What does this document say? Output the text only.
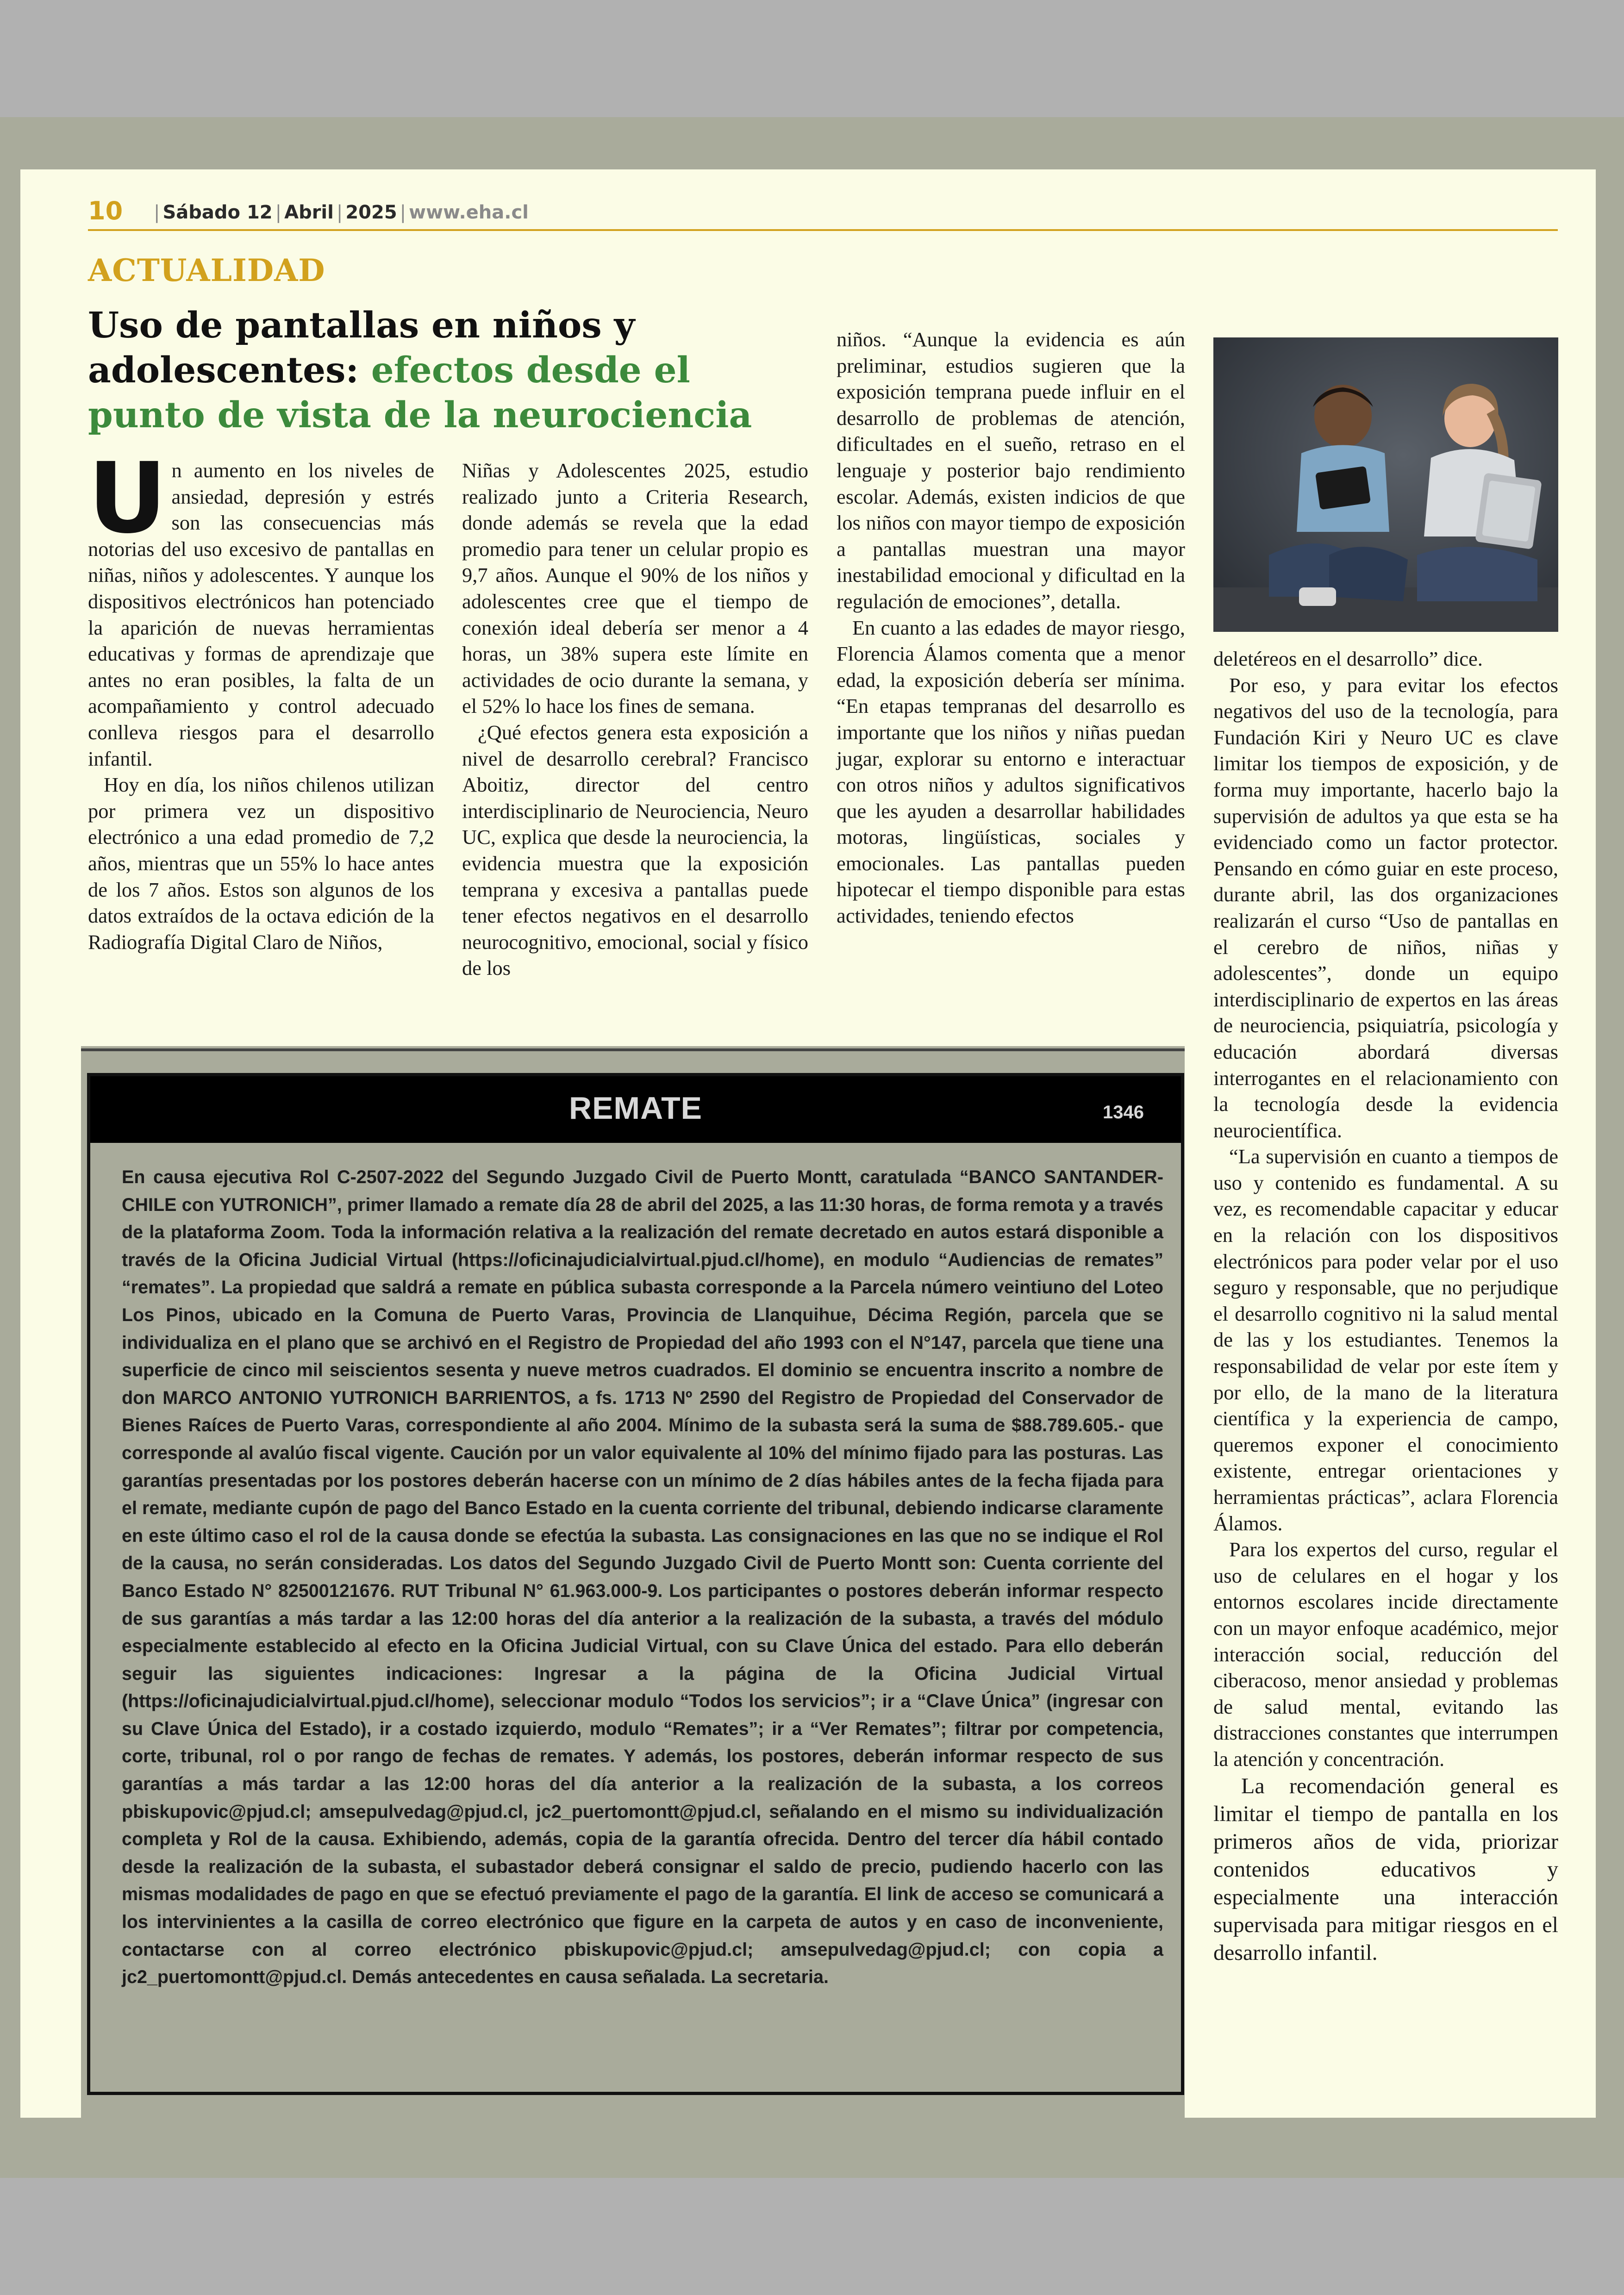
10 | Sábado 12 | Abril | 2025 | www.eha.cl
ACTUALIDAD
Uso de pantallas en niños y adolescentes: efectos desde el punto de vista de la neurociencia

Un aumento en los niveles de ansiedad, depresión y estrés son las consecuencias más notorias del uso excesivo de pantallas en niñas, niños y adolescentes. Y aunque los dispositivos electrónicos han potenciado la aparición de nuevas herramientas educativas y formas de aprendizaje que antes no eran posibles, la falta de un acompañamiento y control adecuado conlleva riesgos para el desarrollo infantil.

Hoy en día, los niños chilenos utilizan por primera vez un dispositivo electrónico a una edad promedio de 7,2 años, mientras que un 55% lo hace antes de los 7 años. Estos son algunos de los datos extraídos de la octava edición de la Radiografía Digital Claro de Niños,

Niñas y Adolescentes 2025, estudio realizado junto a Criteria Research, donde además se revela que la edad promedio para tener un celular propio es 9,7 años. Aunque el 90% de los niños y adolescentes cree que el tiempo de conexión ideal debería ser menor a 4 horas, un 38% supera este límite en actividades de ocio durante la semana, y el 52% lo hace los fines de semana.

¿Qué efectos genera esta exposición a nivel de desarrollo cerebral? Francisco Aboitiz, director del centro interdisciplinario de Neurociencia, Neuro UC, explica que desde la neurociencia, la evidencia muestra que la exposición temprana y excesiva a pantallas puede tener efectos negativos en el desarrollo neurocognitivo, emocional, social y físico de los

niños. “Aunque la evidencia es aún preliminar, estudios sugieren que la exposición temprana puede influir en el desarrollo de problemas de atención, dificultades en el sueño, retraso en el lenguaje y posterior bajo rendimiento escolar. Además, existen indicios de que los niños con mayor tiempo de exposición a pantallas muestran una mayor inestabilidad emocional y dificultad en la regulación de emociones”, detalla.

En cuanto a las edades de mayor riesgo, Florencia Álamos comenta que a menor edad, la exposición debería ser mínima. “En etapas tempranas del desarrollo es importante que los niños y niñas puedan jugar, explorar su entorno e interactuar con otros niños y adultos significativos que les ayuden a desarrollar habilidades motoras, lingüísticas, sociales y emocionales. Las pantallas pueden hipotecar el tiempo disponible para estas actividades, teniendo efectos

deletéreos en el desarrollo” dice.

Por eso, y para evitar los efectos negativos del uso de la tecnología, para Fundación Kiri y Neuro UC es clave limitar los tiempos de exposición, y de forma muy importante, hacerlo bajo la supervisión de adultos ya que esta se ha evidenciado como un factor protector. Pensando en cómo guiar en este proceso, durante abril, las dos organizaciones realizarán el curso “Uso de pantallas en el cerebro de niños, niñas y adolescentes”, donde un equipo interdisciplinario de expertos en las áreas de neurociencia, psiquiatría, psicología y educación abordará diversas interrogantes en el relacionamiento con la tecnología desde la evidencia neurocientífica.

“La supervisión en cuanto a tiempos de uso y contenido es fundamental. A su vez, es recomendable capacitar y educar en la relación con los dispositivos electrónicos para poder velar por el uso seguro y responsable, que no perjudique el desarrollo cognitivo ni la salud mental de las y los estudiantes. Tenemos la responsabilidad de velar por este ítem y por ello, de la mano de la literatura científica y la experiencia de campo, queremos exponer el conocimiento existente, entregar orientaciones y herramientas prácticas”, aclara Florencia Álamos.

Para los expertos del curso, regular el uso de celulares en el hogar y los entornos escolares incide directamente con un mayor enfoque académico, mejor interacción social, reducción del ciberacoso, menor ansiedad y problemas de salud mental, evitando las distracciones constantes que interrumpen la atención y concentración.

La recomendación general es limitar el tiempo de pantalla en los primeros años de vida, priorizar contenidos educativos y especialmente una interacción supervisada para mitigar riesgos en el desarrollo infantil.

REMATE	1346

En causa ejecutiva Rol C-2507-2022 del Segundo Juzgado Civil de Puerto Montt, caratulada “BANCO SANTANDER-CHILE con YUTRONICH”, primer llamado a remate día 28 de abril del 2025, a las 11:30 horas, de forma remota y a través de la plataforma Zoom. Toda la información relativa a la realización del remate decretado en autos estará disponible a través de la Oficina Judicial Virtual (https://oficinajudicialvirtual.pjud.cl/home), en modulo “Audiencias de remates” “remates”. La propiedad que saldrá a remate en pública subasta corresponde a la Parcela número veintiuno del Loteo Los Pinos, ubicado en la Comuna de Puerto Varas, Provincia de Llanquihue, Décima Región, parcela que se individualiza en el plano que se archivó en el Registro de Propiedad del año 1993 con el N°147, parcela que tiene una superficie de cinco mil seiscientos sesenta y nueve metros cuadrados. El dominio se encuentra inscrito a nombre de don MARCO ANTONIO YUTRONICH BARRIENTOS, a fs. 1713 Nº 2590 del Registro de Propiedad del Conservador de Bienes Raíces de Puerto Varas, correspondiente al año 2004. Mínimo de la subasta será la suma de $88.789.605.- que corresponde al avalúo fiscal vigente. Caución por un valor equivalente al 10% del mínimo fijado para las posturas. Las garantías presentadas por los postores deberán hacerse con un mínimo de 2 días hábiles antes de la fecha fijada para el remate, mediante cupón de pago del Banco Estado en la cuenta corriente del tribunal, debiendo indicarse claramente en este último caso el rol de la causa donde se efectúa la subasta. Las consignaciones en las que no se indique el Rol de la causa, no serán consideradas. Los datos del Segundo Juzgado Civil de Puerto Montt son: Cuenta corriente del Banco Estado N° 82500121676. RUT Tribunal N° 61.963.000-9. Los participantes o postores deberán informar respecto de sus garantías a más tardar a las 12:00 horas del día anterior a la realización de la subasta, a través del módulo especialmente establecido al efecto en la Oficina Judicial Virtual, con su Clave Única del estado. Para ello deberán seguir las siguientes indicaciones: Ingresar a la página de la Oficina Judicial Virtual (https://oficinajudicialvirtual.pjud.cl/home), seleccionar modulo “Todos los servicios”; ir a “Clave Única” (ingresar con su Clave Única del Estado), ir a costado izquierdo, modulo “Remates”; ir a “Ver Remates”; filtrar por competencia, corte, tribunal, rol o por rango de fechas de remates. Y además, los postores, deberán informar respecto de sus garantías a más tardar a las 12:00 horas del día anterior a la realización de la subasta, a los correos pbiskupovic@pjud.cl; amsepulvedag@pjud.cl, jc2_puertomontt@pjud.cl, señalando en el mismo su individualización completa y Rol de la causa. Exhibiendo, además, copia de la garantía ofrecida. Dentro del tercer día hábil contado desde la realización de la subasta, el subastador deberá consignar el saldo de precio, pudiendo hacerlo con las mismas modalidades de pago en que se efectuó previamente el pago de la garantía. El link de acceso se comunicará a los intervinientes a la casilla de correo electrónico que figure en la carpeta de autos y en caso de inconveniente, contactarse con al correo electrónico pbiskupovic@pjud.cl; amsepulvedag@pjud.cl; con copia a jc2_puertomontt@pjud.cl. Demás antecedentes en causa señalada. La secretaria.
